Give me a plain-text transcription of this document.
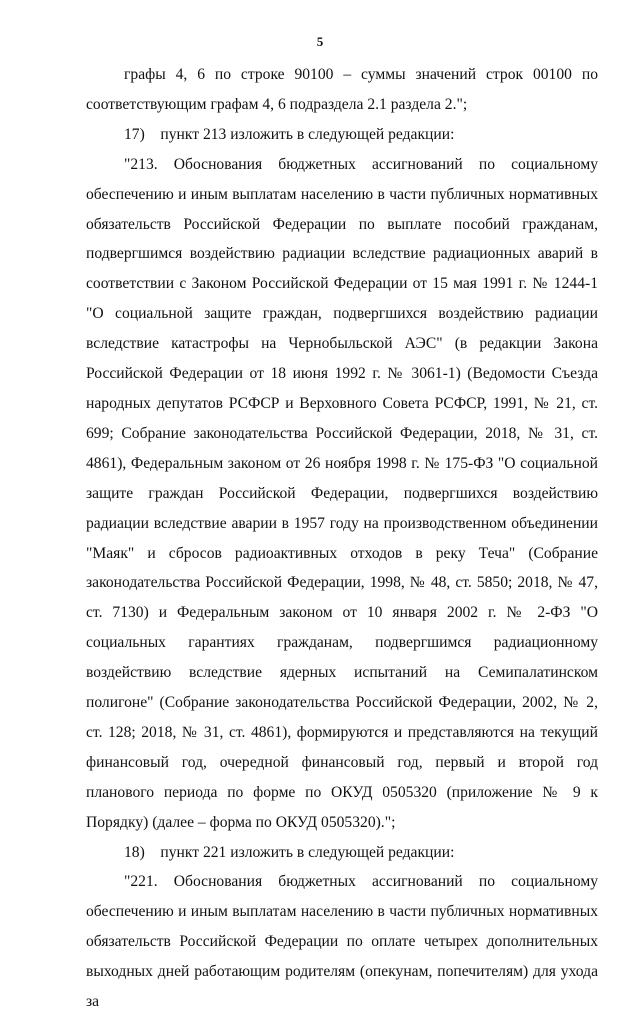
5

графы 4, 6 по строке 90100 – суммы значений строк 00100 по соответствующим графам 4, 6 подраздела 2.1 раздела 2.";

17) пункт 213 изложить в следующей редакции:

"213. Обоснования бюджетных ассигнований по социальному обеспечению и иным выплатам населению в части публичных нормативных обязательств Российской Федерации по выплате пособий гражданам, подвергшимся воздействию радиации вследствие радиационных аварий в соответствии с Законом Российской Федерации от 15 мая 1991 г. № 1244-1 "О социальной защите граждан, подвергшихся воздействию радиации вследствие катастрофы на Чернобыльской АЭС" (в редакции Закона Российской Федерации от 18 июня 1992 г. № 3061-1) (Ведомости Съезда народных депутатов РСФСР и Верховного Совета РСФСР, 1991, № 21, ст. 699; Собрание законодательства Российской Федерации, 2018, № 31, ст. 4861), Федеральным законом от 26 ноября 1998 г. № 175-ФЗ "О социальной защите граждан Российской Федерации, подвергшихся воздействию радиации вследствие аварии в 1957 году на производственном объединении "Маяк" и сбросов радиоактивных отходов в реку Теча" (Собрание законодательства Российской Федерации, 1998, № 48, ст. 5850; 2018, № 47, ст. 7130) и Федеральным законом от 10 января 2002 г. № 2-ФЗ "О социальных гарантиях гражданам, подвергшимся радиационному воздействию вследствие ядерных испытаний на Семипалатинском полигоне" (Собрание законодательства Российской Федерации, 2002, № 2, ст. 128; 2018, № 31, ст. 4861), формируются и представляются на текущий финансовый год, очередной финансовый год, первый и второй год планового периода по форме по ОКУД 0505320 (приложение № 9 к Порядку) (далее – форма по ОКУД 0505320).";

18) пункт 221 изложить в следующей редакции:

"221. Обоснования бюджетных ассигнований по социальному обеспечению и иным выплатам населению в части публичных нормативных обязательств Российской Федерации по оплате четырех дополнительных выходных дней работающим родителям (опекунам, попечителям) для ухода за
